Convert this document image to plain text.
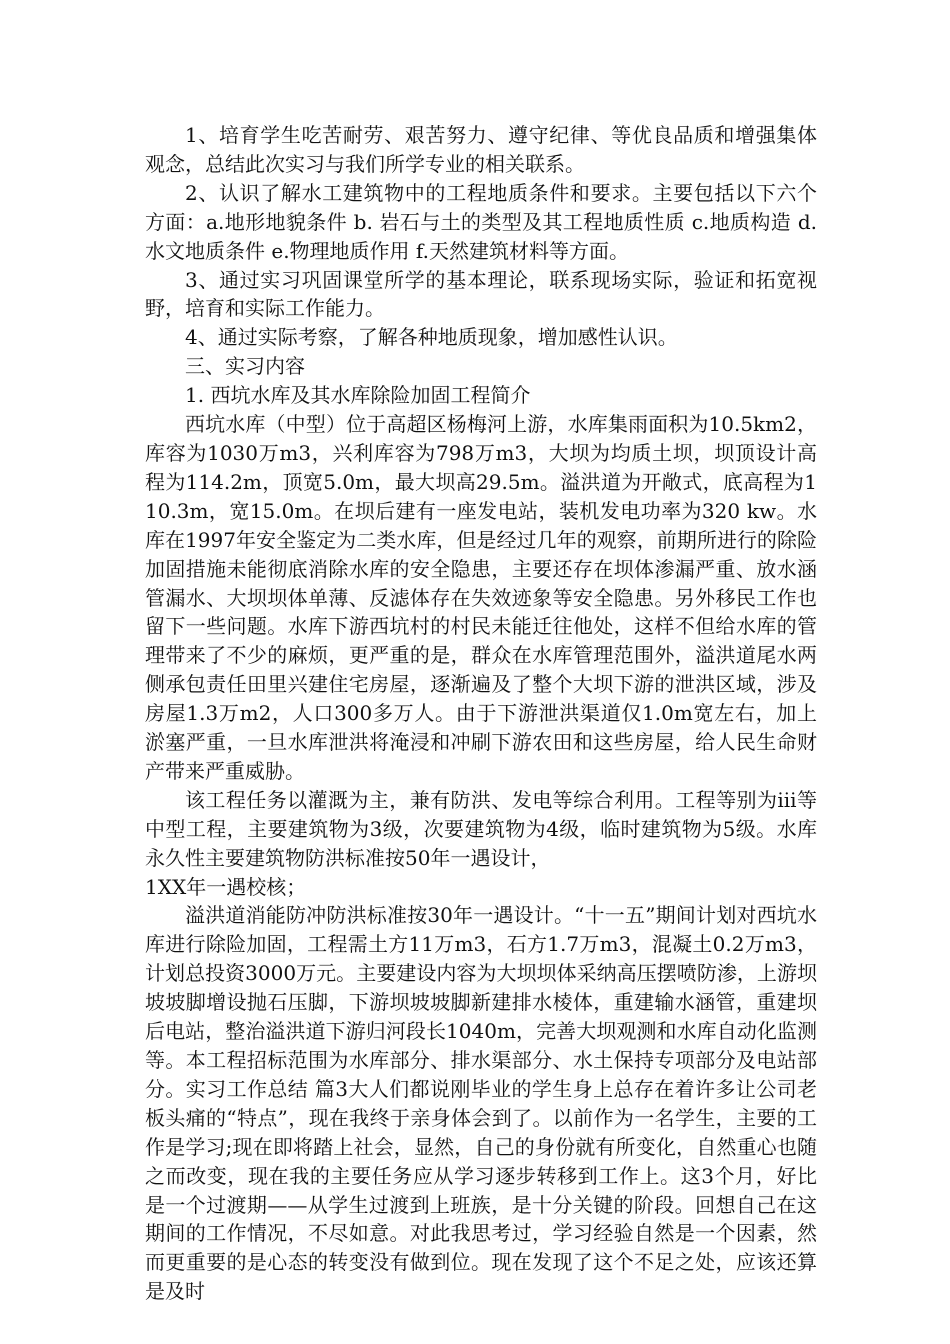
1、培育学生吃苦耐劳、艰苦努力、遵守纪律、等优良品质和增强集体观念，总结此次实习与我们所学专业的相关联系。

2、认识了解水工建筑物中的工程地质条件和要求。主要包括以下六个方面：a.地形地貌条件 b. 岩石与土的类型及其工程地质性质 c.地质构造 d.水文地质条件 e.物理地质作用 f.天然建筑材料等方面。

3、通过实习巩固课堂所学的基本理论，联系现场实际，验证和拓宽视野，培育和实际工作能力。

4、通过实际考察，了解各种地质现象，增加感性认识。

三、实习内容

1. 西坑水库及其水库除险加固工程简介

西坑水库（中型）位于高超区杨梅河上游，水库集雨面积为10.5km2，库容为1030万m3，兴利库容为798万m3，大坝为均质土坝，坝顶设计高程为114.2m，顶宽5.0m，最大坝高29.5m。溢洪道为开敞式，底高程为110.3m，宽15.0m。在坝后建有一座发电站，装机发电功率为320 kw。水库在1997年安全鉴定为二类水库，但是经过几年的观察，前期所进行的除险加固措施未能彻底消除水库的安全隐患，主要还存在坝体渗漏严重、放水涵管漏水、大坝坝体单薄、反滤体存在失效迹象等安全隐患。另外移民工作也留下一些问题。水库下游西坑村的村民未能迁往他处，这样不但给水库的管理带来了不少的麻烦，更严重的是，群众在水库管理范围外，溢洪道尾水两侧承包责任田里兴建住宅房屋，逐渐遍及了整个大坝下游的泄洪区域，涉及房屋1.3万m2，人口300多万人。由于下游泄洪渠道仅1.0m宽左右，加上淤塞严重，一旦水库泄洪将淹浸和冲刷下游农田和这些房屋，给人民生命财产带来严重威胁。

该工程任务以灌溉为主，兼有防洪、发电等综合利用。工程等别为iii等中型工程，主要建筑物为3级，次要建筑物为4级，临时建筑物为5级。水库永久性主要建筑物防洪标准按50年一遇设计，

1XX年一遇校核；

溢洪道消能防冲防洪标准按30年一遇设计。“十一五”期间计划对西坑水库进行除险加固，工程需土方11万m3，石方1.7万m3，混凝土0.2万m3，计划总投资3000万元。主要建设内容为大坝坝体采纳高压摆喷防渗，上游坝坡坡脚增设抛石压脚，下游坝坡坡脚新建排水棱体，重建输水涵管，重建坝后电站，整治溢洪道下游归河段长1040m，完善大坝观测和水库自动化监测等。本工程招标范围为水库部分、排水渠部分、水土保持专项部分及电站部分。实习工作总结 篇3大人们都说刚毕业的学生身上总存在着许多让公司老板头痛的“特点”，现在我终于亲身体会到了。以前作为一名学生，主要的工作是学习;现在即将踏上社会，显然，自己的身份就有所变化，自然重心也随之而改变，现在我的主要任务应从学习逐步转移到工作上。这3个月，好比是一个过渡期——从学生过渡到上班族，是十分关键的阶段。回想自己在这期间的工作情况，不尽如意。对此我思考过，学习经验自然是一个因素，然而更重要的是心态的转变没有做到位。现在发现了这个不足之处，应该还算是及时
